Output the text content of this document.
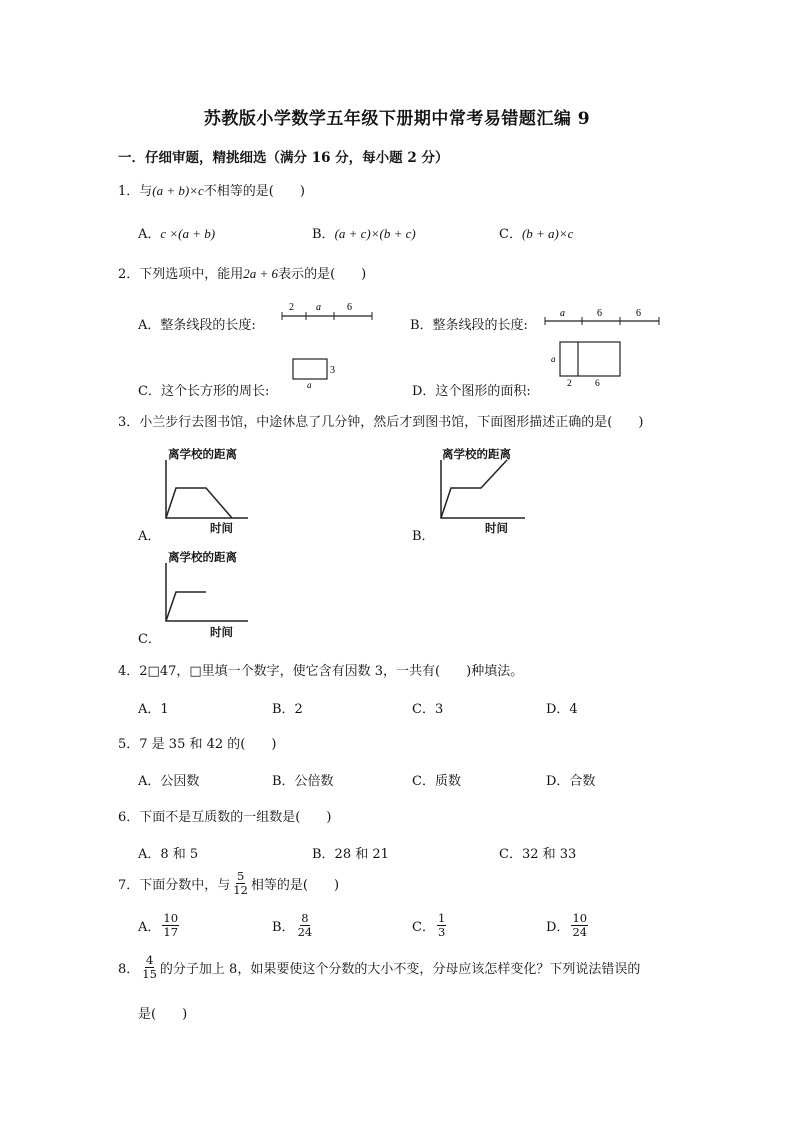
苏教版小学数学五年级下册期中常考易错题汇编 9
一．仔细审题，精挑细选（满分 16 分，每小题 2 分）
1．与(a + b)×c不相等的是(　　)
A．c ×(a + b)	B．(a + c)×(b + c)	C．(b + a)×c
2．下列选项中，能用2a + 6表示的是(　　)
A．整条线段的长度:
2 a	6
B．整条线段的长度:
a	6	6
C．这个长方形的周长:
3
a	D．这个图形的面积:
a
2 6
3．小兰步行去图书馆，中途休息了几分钟，然后才到图书馆，下面图形描述正确的是(　　)
A．
离学校的距离
时间
B．
离学校的距离
时间
C．
离学校的距离
时间
4．2□47，□里填一个数字，使它含有因数 3，一共有(　　)种填法。
A．1	B．2	C．3	D．4
5．7 是 35 和 42 的(　　)
A．公因数	B．公倍数	C．质数	D．合数
6．下面不是互质数的一组数是(　　)
A．8 和 5	B．28 和 21	C．32 和 33
7．下面分数中，与 $\frac{5}{12}$ 相等的是(　　)
A． $\frac{10}{17}$	B． $\frac{8}{24}$	C． $\frac{1}{3}$	D． $\frac{10}{24}$
8． $\frac{4}{15}$ 的分子加上 8，如果要使这个分数的大小不变，分母应该怎样变化？下列说法错误的
是(　　)
